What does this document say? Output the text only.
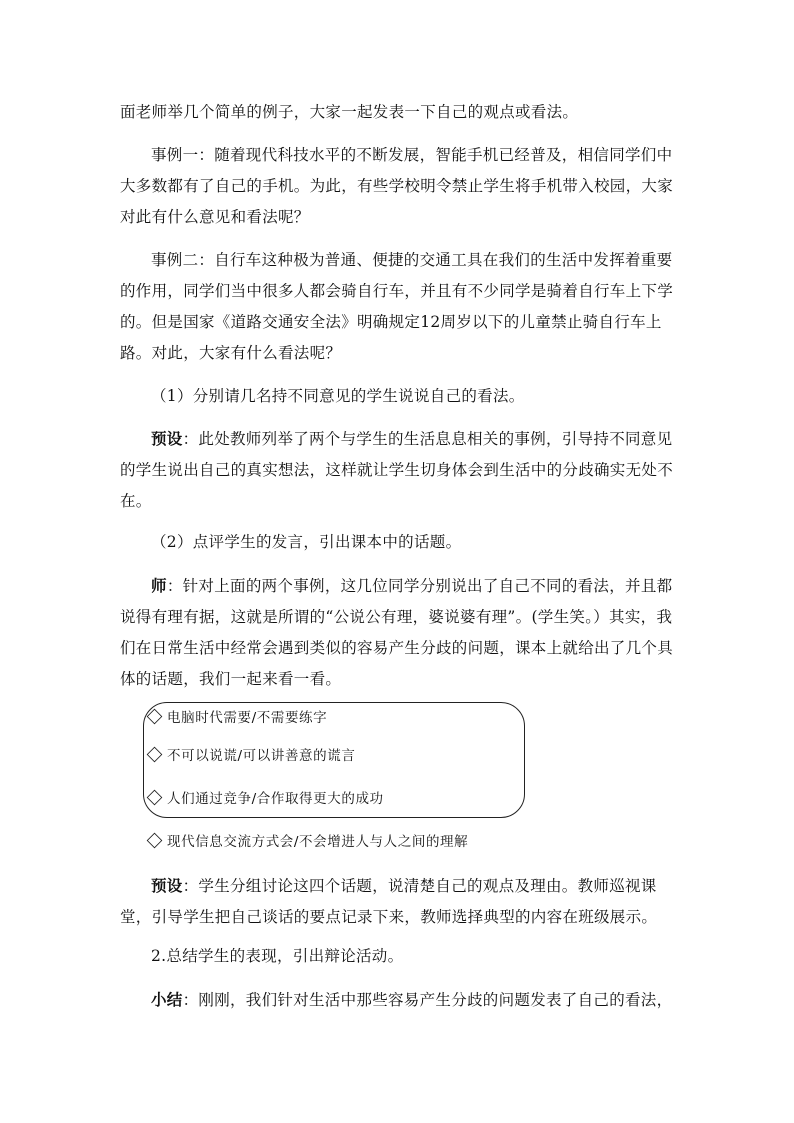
面老师举几个简单的例子，大家一起发表一下自己的观点或看法。
事例一：随着现代科技水平的不断发展，智能手机已经普及，相信同学们中大多数都有了自己的手机。为此，有些学校明令禁止学生将手机带入校园，大家对此有什么意见和看法呢？
事例二：自行车这种极为普通、便捷的交通工具在我们的生活中发挥着重要的作用，同学们当中很多人都会骑自行车，并且有不少同学是骑着自行车上下学的。但是国家《道路交通安全法》明确规定12周岁以下的儿童禁止骑自行车上路。对此，大家有什么看法呢？
（1）分别请几名持不同意见的学生说说自己的看法。
预设：此处教师列举了两个与学生的生活息息相关的事例，引导持不同意见的学生说出自己的真实想法，这样就让学生切身体会到生活中的分歧确实无处不在。
（2）点评学生的发言，引出课本中的话题。
师：针对上面的两个事例，这几位同学分别说出了自己不同的看法，并且都说得有理有据，这就是所谓的“公说公有理，婆说婆有理”。(学生笑。）其实，我们在日常生活中经常会遇到类似的容易产生分歧的问题，课本上就给出了几个具体的话题，我们一起来看一看。
电脑时代需要/不需要练字
不可以说谎/可以讲善意的谎言
人们通过竞争/合作取得更大的成功
现代信息交流方式会/不会增进人与人之间的理解
预设：学生分组讨论这四个话题，说清楚自己的观点及理由。教师巡视课堂，引导学生把自己谈话的要点记录下来，教师选择典型的内容在班级展示。
2.总结学生的表现，引出辩论活动。
小结：刚刚，我们针对生活中那些容易产生分歧的问题发表了自己的看法，
